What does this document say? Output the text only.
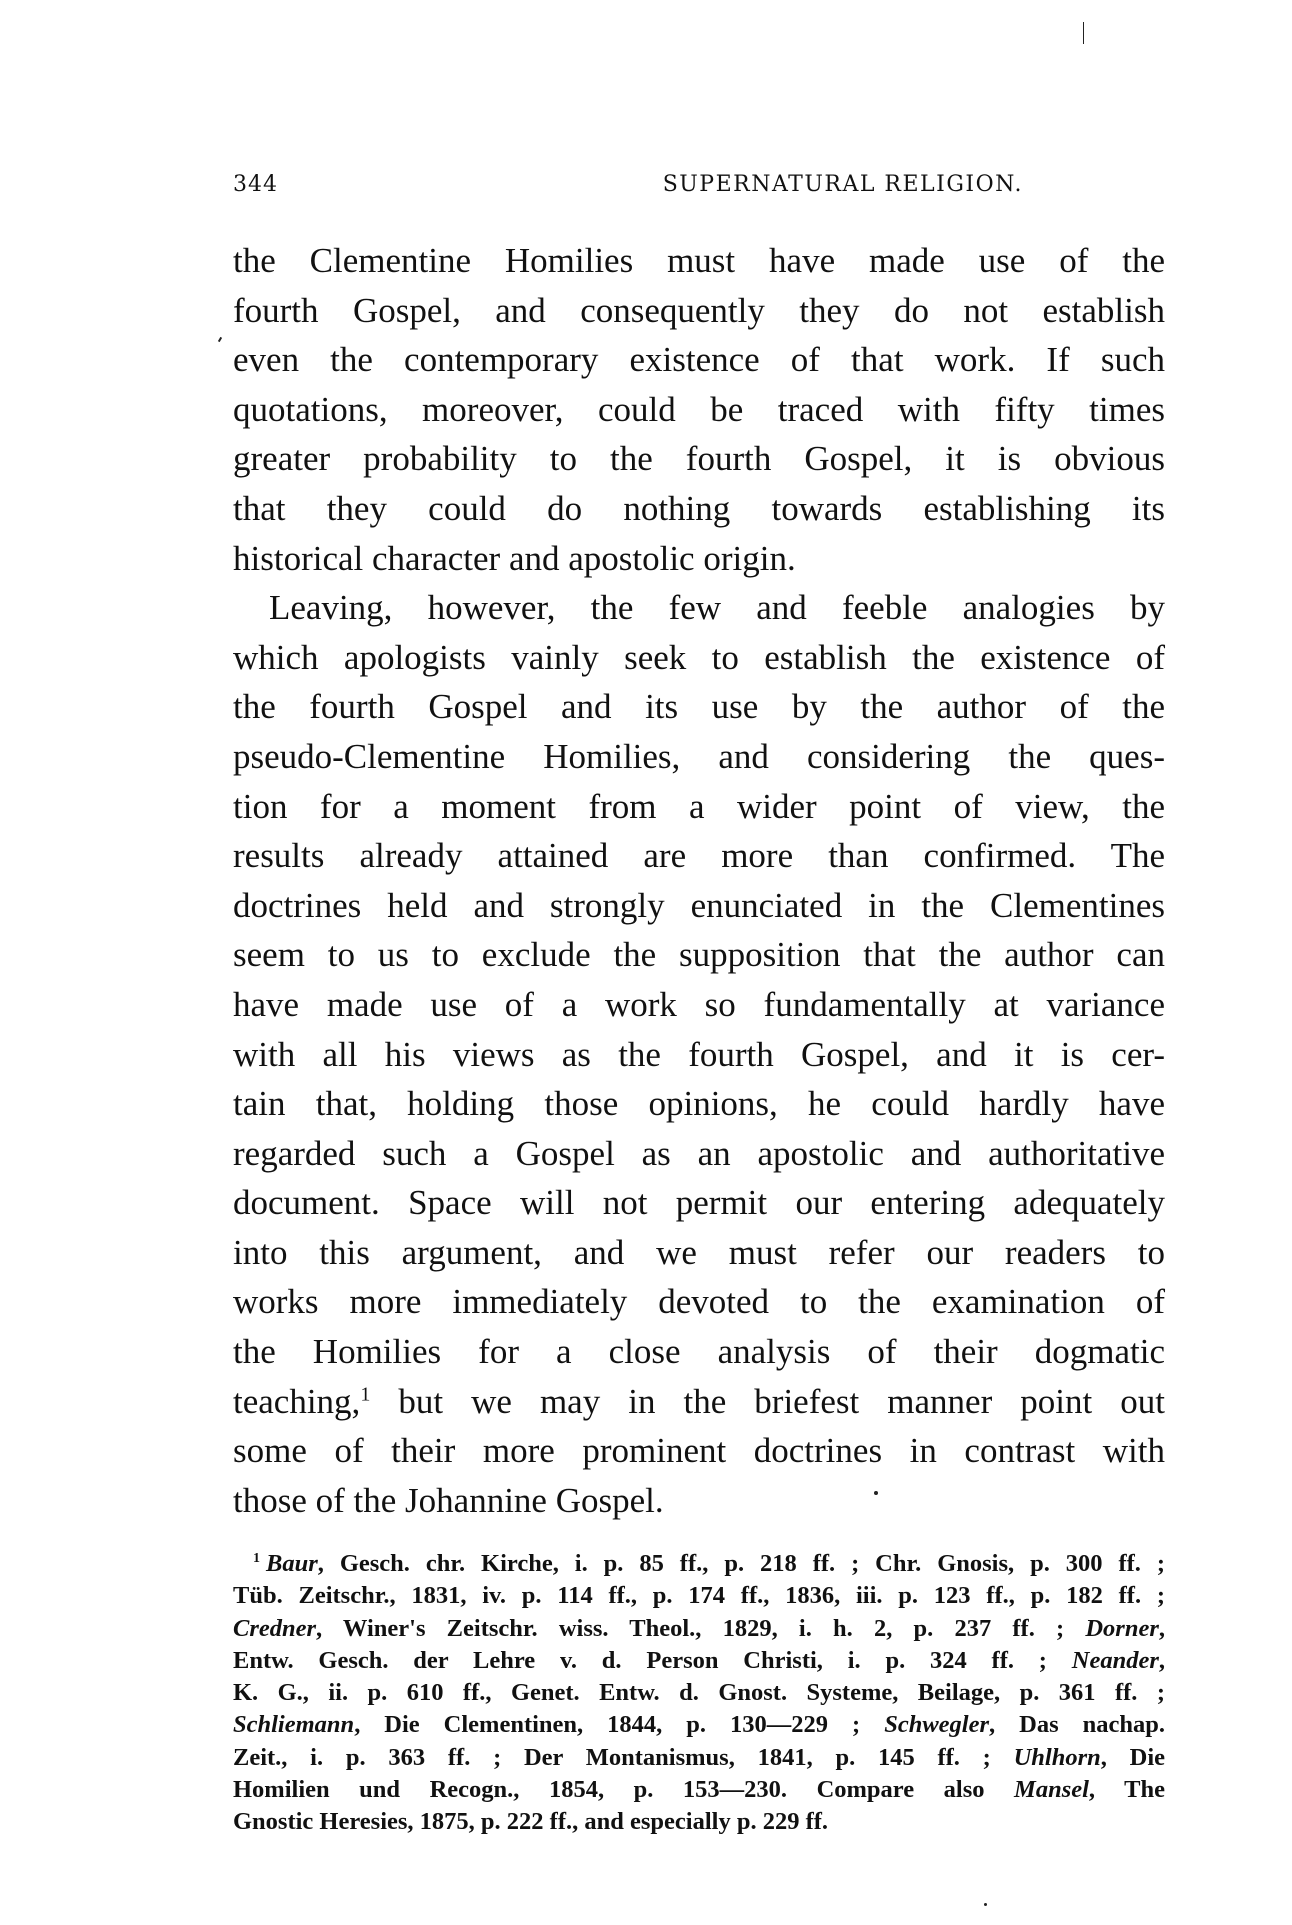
344	SUPERNATURAL RELIGION.
the Clementine Homilies must have made use of the
fourth Gospel, and consequently they do not establish
even the contemporary existence of that work. If such
quotations, moreover, could be traced with fifty times
greater probability to the fourth Gospel, it is obvious
that they could do nothing towards establishing its
historical character and apostolic origin.
Leaving, however, the few and feeble analogies by
which apologists vainly seek to establish the existence of
the fourth Gospel and its use by the author of the
pseudo-Clementine Homilies, and considering the ques-
tion for a moment from a wider point of view, the
results already attained are more than confirmed. The
doctrines held and strongly enunciated in the Clementines
seem to us to exclude the supposition that the author can
have made use of a work so fundamentally at variance
with all his views as the fourth Gospel, and it is cer-
tain that, holding those opinions, he could hardly have
regarded such a Gospel as an apostolic and authoritative
document. Space will not permit our entering adequately
into this argument, and we must refer our readers to
works more immediately devoted to the examination of
the Homilies for a close analysis of their dogmatic
teaching,$^1$ but we may in the briefest manner point out
some of their more prominent doctrines in contrast with
those of the Johannine Gospel.
$^1$ Baur, Gesch. chr. Kirche, i. p. 85 ff., p. 218 ff. ; Chr. Gnosis, p. 300 ff. ;
Tüb. Zeitschr., 1831, iv. p. 114 ff., p. 174 ff., 1836, iii. p. 123 ff., p. 182 ff. ;
Credner, Winer's Zeitschr. wiss. Theol., 1829, i. h. 2, p. 237 ff. ; Dorner,
Entw. Gesch. der Lehre v. d. Person Christi, i. p. 324 ff. ; Neander,
K. G., ii. p. 610 ff., Genet. Entw. d. Gnost. Systeme, Beilage, p. 361 ff. ;
Schliemann, Die Clementinen, 1844, p. 130—229 ; Schwegler, Das nachap.
Zeit., i. p. 363 ff. ; Der Montanismus, 1841, p. 145 ff. ; Uhlhorn, Die
Homilien und Recogn., 1854, p. 153—230. Compare also Mansel, The
Gnostic Heresies, 1875, p. 222 ff., and especially p. 229 ff.
